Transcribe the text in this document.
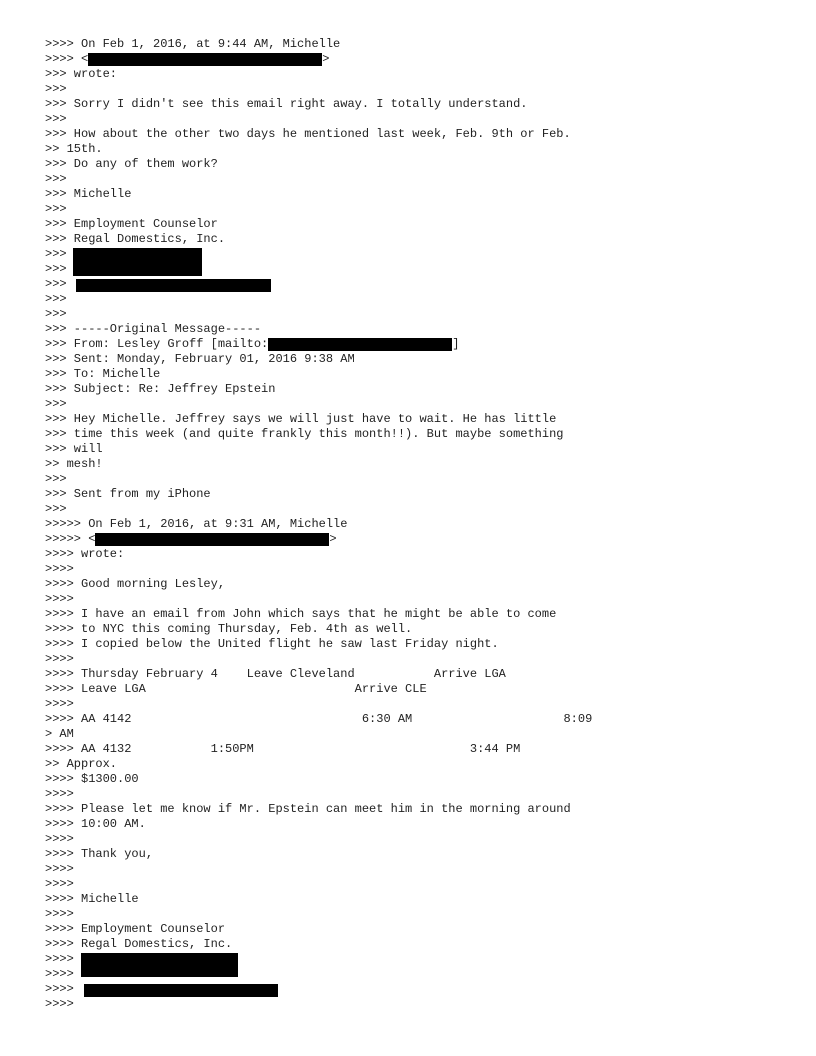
>>>> On Feb 1, 2016, at 9:44 AM, Michelle
>>>> <	>
>>> wrote:
>>>
>>> Sorry I didn't see this email right away. I totally understand.
>>>
>>> How about the other two days he mentioned last week, Feb. 9th or Feb.
>> 15th.
>>> Do any of them work?
>>>
>>> Michelle
>>>
>>> Employment Counselor
>>> Regal Domestics, Inc.
>>>
>>>
>>>
>>>
>>>
>>> -----Original Message-----
>>> From: Lesley Groff [mailto:	]
>>> Sent: Monday, February 01, 2016 9:38 AM
>>> To: Michelle
>>> Subject: Re: Jeffrey Epstein
>>>
>>> Hey Michelle. Jeffrey says we will just have to wait. He has little
>>> time this week (and quite frankly this month!!). But maybe something
>>> will
>> mesh!
>>>
>>> Sent from my iPhone
>>>
>>>>> On Feb 1, 2016, at 9:31 AM, Michelle
>>>>> <	>
>>>> wrote:
>>>>
>>>> Good morning Lesley,
>>>>
>>>> I have an email from John which says that he might be able to come
>>>> to NYC this coming Thursday, Feb. 4th as well.
>>>> I copied below the United flight he saw last Friday night.
>>>>
>>>> Thursday February 4    Leave Cleveland           Arrive LGA
>>>> Leave LGA                             Arrive CLE
>>>>
>>>> AA 4142                                6:30 AM                     8:09
> AM
>>>> AA 4132           1:50PM                              3:44 PM
>> Approx.
>>>> $1300.00
>>>>
>>>> Please let me know if Mr. Epstein can meet him in the morning around
>>>> 10:00 AM.
>>>>
>>>> Thank you,
>>>>
>>>>
>>>> Michelle
>>>>
>>>> Employment Counselor
>>>> Regal Domestics, Inc.
>>>>
>>>>
>>>>
>>>>
